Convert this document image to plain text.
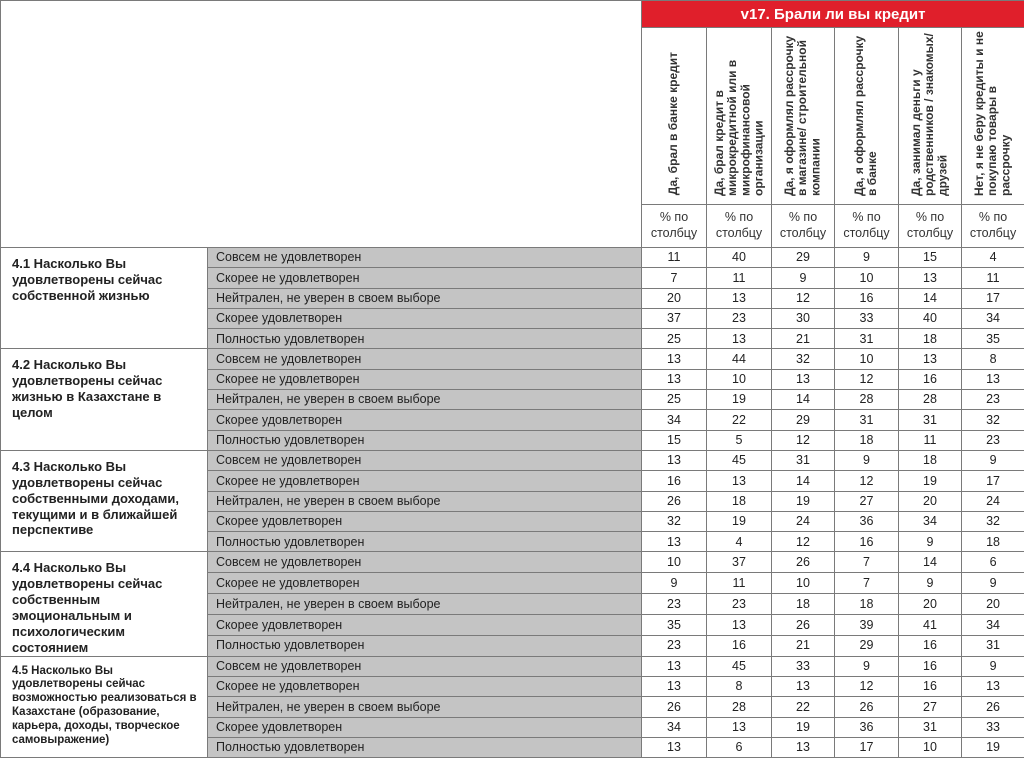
		v17. Брали ли вы кредит					
		Да, брал в банке кредит	Да, брал кредит в микрокредитной или в микрофинансовой организации	Да, я оформлял рассрочку в магазине/ строительной компании	Да, я оформлял рассрочку в банке	Да, занимал деньги у родственников / знакомых/друзей	Нет, я не беру кредиты и не покупаю товары в рассрочку
		% по столбцу	% по столбцу	% по столбцу	% по столбцу	% по столбцу	% по столбцу
4.1 Насколько Вы удовлетворены сейчас собственной жизнью	Совсем не удовлетворен	11	40	29	9	15	4
	Скорее не удовлетворен	7	11	9	10	13	11
	Нейтрален, не уверен в своем выборе	20	13	12	16	14	17
	Скорее удовлетворен	37	23	30	33	40	34
	Полностью удовлетворен	25	13	21	31	18	35
4.2 Насколько Вы удовлетворены сейчас жизнью в Казахстане в целом	Совсем не удовлетворен	13	44	32	10	13	8
	Скорее не удовлетворен	13	10	13	12	16	13
	Нейтрален, не уверен в своем выборе	25	19	14	28	28	23
	Скорее удовлетворен	34	22	29	31	31	32
	Полностью удовлетворен	15	5	12	18	11	23
4.3 Насколько Вы удовлетворены сейчас собственными доходами, текущими и в ближайшей перспективе	Совсем не удовлетворен	13	45	31	9	18	9
	Скорее не удовлетворен	16	13	14	12	19	17
	Нейтрален, не уверен в своем выборе	26	18	19	27	20	24
	Скорее удовлетворен	32	19	24	36	34	32
	Полностью удовлетворен	13	4	12	16	9	18
4.4 Насколько Вы удовлетворены сейчас собственным эмоциональным и психологическим состоянием	Совсем не удовлетворен	10	37	26	7	14	6
	Скорее не удовлетворен	9	11	10	7	9	9
	Нейтрален, не уверен в своем выборе	23	23	18	18	20	20
	Скорее удовлетворен	35	13	26	39	41	34
	Полностью удовлетворен	23	16	21	29	16	31
4.5 Насколько Вы удовлетворены сейчас возможностью реализоваться в Казахстане (образование, карьера, доходы, творческое самовыражение)	Совсем не удовлетворен	13	45	33	9	16	9
	Скорее не удовлетворен	13	8	13	12	16	13
	Нейтрален, не уверен в своем выборе	26	28	22	26	27	26
	Скорее удовлетворен	34	13	19	36	31	33
	Полностью удовлетворен	13	6	13	17	10	19
